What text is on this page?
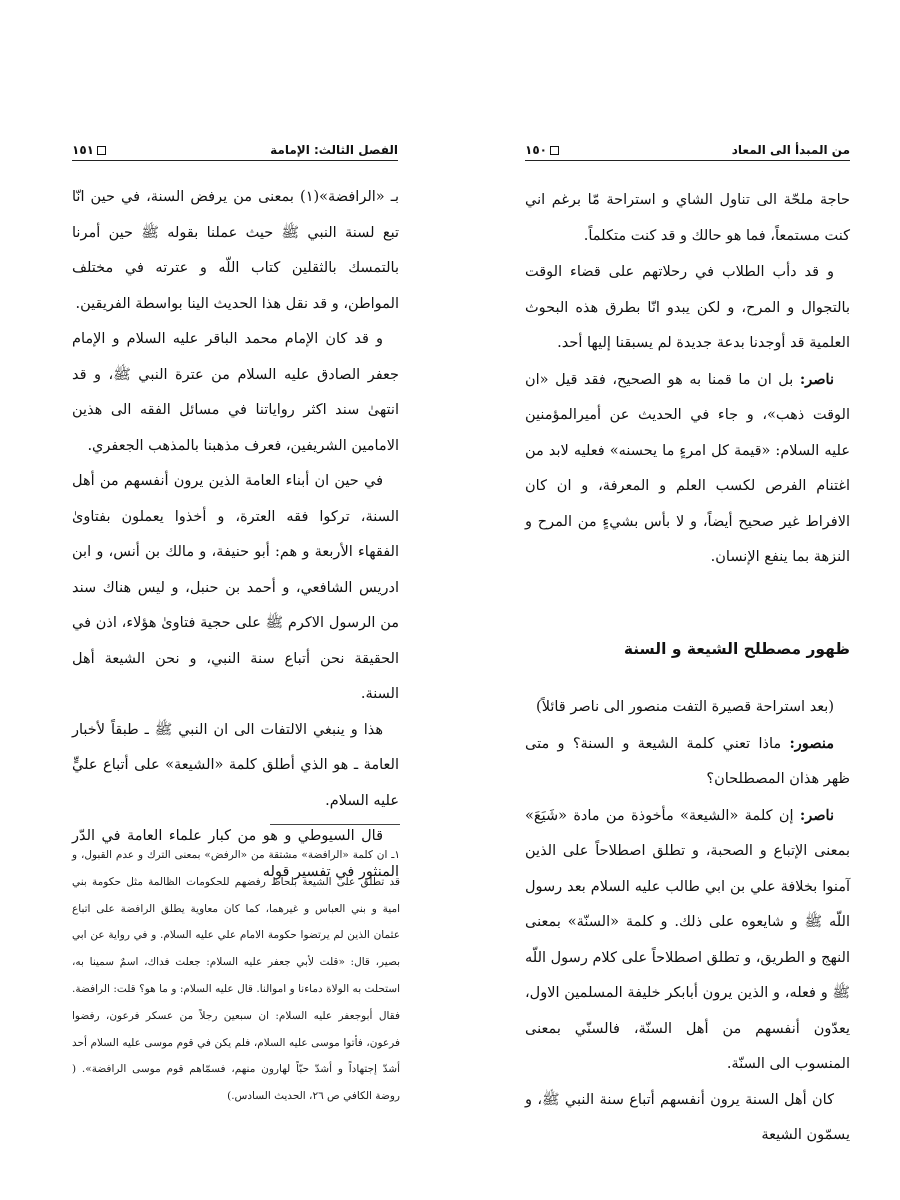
١٥١	الفصل الثالث: الإمامة

بـ «الرافضة»(١) بمعنى من يرفض السنة، في حين انّا تبع لسنة النبي ﷺ حيث عملنا بقوله ﷺ حين أمرنا بالتمسك بالثقلين كتاب اللّه و عترته في مختلف المواطن، و قد نقل هذا الحديث الينا بواسطة الفريقين.

و قد كان الإمام محمد الباقر عليه السلام و الإمام جعفر الصادق عليه السلام من عترة النبي ﷺ، و قد انتهىٰ سند اكثر رواياتنا في مسائل الفقه الى هذين الامامين الشريفين، فعرف مذهبنا بالمذهب الجعفري.

في حين ان أبناء العامة الذين يرون أنفسهم من أهل السنة، تركوا فقه العترة، و أخذوا يعملون بفتاوىٰ الفقهاء الأربعة و هم: أبو حنيفة، و مالك بن أنس، و ابن ادريس الشافعي، و أحمد بن حنبل، و ليس هناك سند من الرسول الاكرم ﷺ على حجية فتاوىٰ هؤلاء، اذن في الحقيقة نحن أتباع سنة النبي، و نحن الشيعة أهل السنة.

هذا و ينبغي الالتفات الى ان النبي ﷺ ـ طبقاً لأخبار العامة ـ هو الذي أطلق كلمة «الشيعة» على أتباع عليٍّ عليه السلام.

قال السيوطي و هو من كبار علماء العامة في الدّر المنثور في تفسير قوله

١ـ ان كلمة «الرافضة» مشتقة من «الرفض» بمعنى الترك و عدم القبول، و قد تطلق على الشيعة بلحاظ رفضهم للحكومات الظالمة مثل حكومة بني امية و بني العباس و غيرهما، كما كان معاوية يطلق الرافضة على اتباع عثمان الذين لم يرتضوا حكومة الامام علي عليه السلام. و في رواية عن ابي بصير، قال: «قلت لأبي جعفر عليه السلام: جعلت فداك، اسمٌ سمينا به، استحلت به الولاة دماءنا و اموالنا. قال عليه السلام: و ما هو؟ قلت: الرافضة. فقال أبوجعفر عليه السلام: ان سبعين رجلاً من عسكر فرعون، رفضوا فرعون، فأتوا موسى عليه السلام، فلم يكن في قوم موسى عليه السلام أحد أشدّ إجتهاداً و أشدّ حبّاً لهارون منهم، فسمّاهم قوم موسى الرافضة». ( روضة الكافي ص ٢٦، الحديث السادس.)
١٥٠	من المبدأ الى المعاد

حاجة ملحّة الى تناول الشاي و استراحة مّا برغم اني كنت مستمعاً، فما هو حالك و قد كنت متكلماً.

و قد دأب الطلاب في رحلاتهم على قضاء الوقت بالتجوال و المرح، و لكن يبدو انّا بطرق هذه البحوث العلمية قد أوجدنا بدعة جديدة لم يسبقنا إليها أحد.

ناصر: بل ان ما قمنا به هو الصحيح، فقد قيل «ان الوقت ذهب»، و جاء في الحديث عن أميرالمؤمنين عليه السلام: «قيمة كل امرءٍ ما يحسنه» فعليه لابد من اغتنام الفرص لكسب العلم و المعرفة، و ان كان الافراط غير صحيح أيضاً، و لا بأس بشيءٍ من المرح و النزهة بما ينفع الإنسان.

ظهور مصطلح الشيعة و السنة

(بعد استراحة قصيرة التفت منصور الى ناصر قائلاً)

منصور: ماذا تعني كلمة الشيعة و السنة؟ و متى ظهر هذان المصطلحان؟

ناصر: إن كلمة «الشيعة» مأخوذة من مادة «شَيَعَ» بمعنى الإتباع و الصحبة، و تطلق اصطلاحاً على الذين آمنوا بخلافة علي بن ابي طالب عليه السلام بعد رسول اللّه ﷺ و شايعوه على ذلك. و كلمة «السنّة» بمعنى النهج و الطريق، و تطلق اصطلاحاً على كلام رسول اللّه ﷺ و فعله، و الذين يرون أبابكر خليفة المسلمين الاول، يعدّون أنفسهم من أهل السنّة، فالسنّي بمعنى المنسوب الى السنّة.

كان أهل السنة يرون أنفسهم أتباع سنة النبي ﷺ، و يسمّون الشيعة
